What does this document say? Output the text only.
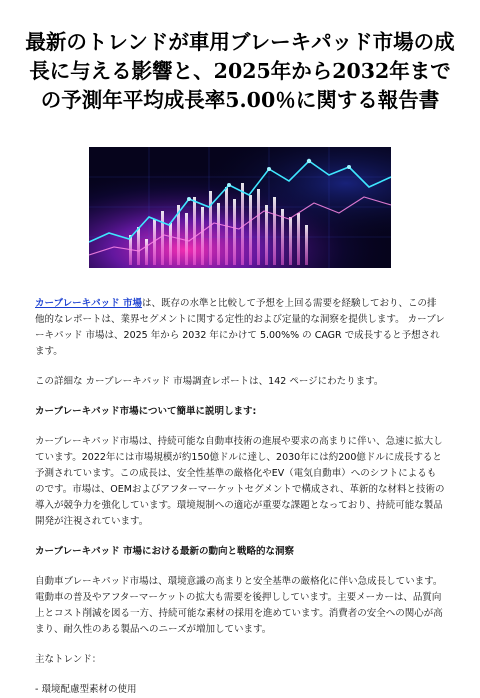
最新のトレンドが車用ブレーキパッド市場の成長に与える影響と、2025年から2032年までの予測年平均成長率5.00％に関する報告書

カーブレーキパッド 市場は、既存の水準と比較して予想を上回る需要を経験しており、この排他的なレポートは、業界セグメントに関する定性的および定量的な洞察を提供します。 カーブレーキパッド 市場は、2025 年から 2032 年にかけて 5.00%% の CAGR で成長すると予想されます。

この詳細な カーブレーキパッド 市場調査レポートは、142 ページにわたります。

カーブレーキパッド市場について簡単に説明します:

カーブレーキパッド市場は、持続可能な自動車技術の進展や要求の高まりに伴い、急速に拡大しています。2022年には市場規模が約150億ドルに達し、2030年には約200億ドルに成長すると予測されています。この成長は、安全性基準の厳格化やEV（電気自動車）へのシフトによるものです。市場は、OEMおよびアフターマーケットセグメントで構成され、革新的な材料と技術の導入が競争力を強化しています。環境規制への適応が重要な課題となっており、持続可能な製品開発が注視されています。

カーブレーキパッド 市場における最新の動向と戦略的な洞察

自動車ブレーキパッド市場は、環境意識の高まりと安全基準の厳格化に伴い急成長しています。電動車の普及やアフターマーケットの拡大も需要を後押ししています。主要メーカーは、品質向上とコスト削減を図る一方、持続可能な素材の採用を進めています。消費者の安全への関心が高まり、耐久性のある製品へのニーズが増加しています。

主なトレンド：

- 環境配慮型素材の使用
